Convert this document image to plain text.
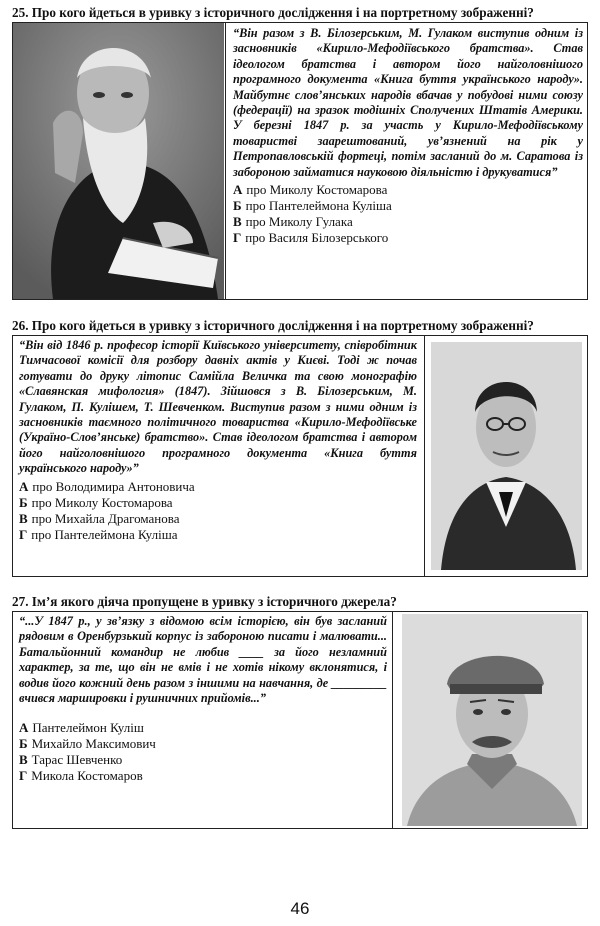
25. Про кого йдеться в уривку з історичного дослідження і на портретному зображенні?

“Він разом з В. Білозерським, М. Гулаком виступив одним із засновників «Кирило-Мефодіївського братства». Став ідеологом братства і автором його найголовнішого програмного документа «Книга буття українського народу». Майбутнє слов’янських народів вбачав у побудові ними союзу (федерації) на зразок тодішніх Сполучених Штатів Америки. У березні 1847 р. за участь у Кирило-Мефодіївському товаристві заарештований, ув’язнений на рік у Петропавловській фортеці, потім засланий до м. Саратова із забороною займатися науковою діяльністю і друкуватися”

А про Миколу Костомарова
Б про Пантелеймона Куліша
В про Миколу Гулака
Г про Василя Білозерського
26. Про кого йдеться в уривку з історичного дослідження і на портретному зображенні?

“Він від 1846 р. професор історії Київського університету, співробітник Тимчасової комісії для розбору давніх актів у Києві. Тоді ж почав готувати до друку літопис Самійла Величка та свою монографію «Славянская мифология» (1847). Зійшовся з В. Білозерським, М. Гулаком, П. Кулішем, Т. Шевченком. Виступив разом з ними одним із засновників таємного політичного товариства «Кирило-Мефодіївське (Україно-Слов’янське) братство». Став ідеологом братства і автором його найголовнішого програмного документа «Книга буття українського народу»”

А про Володимира Антоновича
Б про Миколу Костомарова
В про Михайла Драгоманова
Г про Пантелеймона Куліша
27. Ім’я якого діяча пропущене в уривку з історичного джерела?

“...У 1847 р., у зв’язку з відомою всім історією, він був засланий рядовим в Оренбурзький корпус із забороною писати і малювати... Батальйонний командир не любив ____ за його незламний характер, за те, що він не вмів і не хотів нікому вклонятися, і водив його кожний день разом з іншими на навчання, де _________ вчився маршировки і рушничних прийомів...”

А Пантелеймон Куліш
Б Михайло Максимович
В Тарас Шевченко
Г Микола Костомаров
46
